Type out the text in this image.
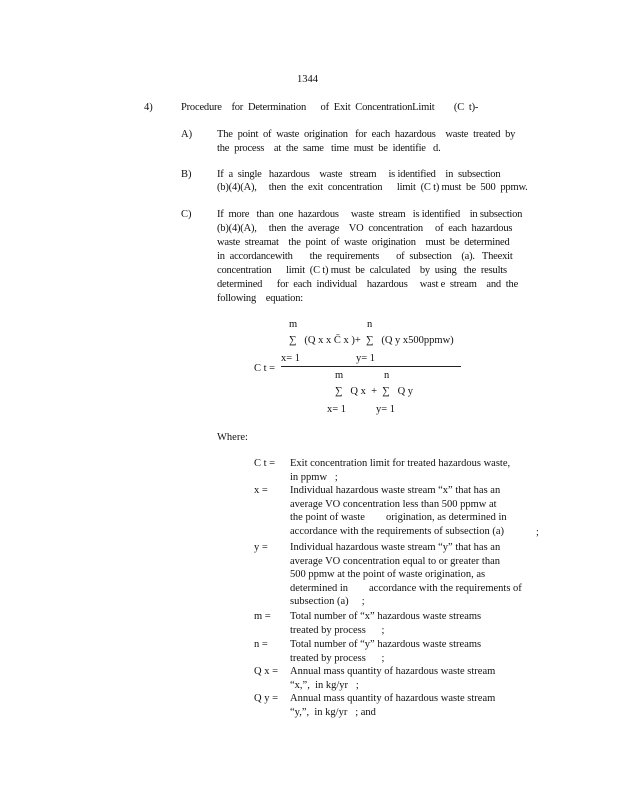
1344
4)	Procedure    for  Determination      of  Exit  ConcentrationLimit        (C  t)-
A) The  point  of  waste  origination   for  each  hazardous    waste  treated  by
the  process    at  the  same   time  must  be  identifie   d.
B) If  a  single   hazardous    waste   stream     is identified    in  subsection
(b)(4)(A),     then  the  exit  concentration      limit  (C t) must  be  500  ppmw.
C) If  more   than  one  hazardous     waste  stream   is identified    in subsection
(b)(4)(A),     then  the  average    VO  concentration     of  each  hazardous
waste  streamat    the  point  of  waste  origination    must  be  determined
in  accordancewith       the  requirements       of  subsection    (a).   Theexit
concentration      limit  (C t) must  be  calculated    by  using   the  results
determined      for  each  individual    hazardous     wast e  stream    and  the
following    equation:
m	n
∑   (Q x x C̄ x )+  ∑   (Q y x500ppmw)
C t =
x= 1	y= 1
m	n
∑   Q x  +  ∑   Q y
x= 1	y= 1
Where:
C t =	Exit concentration limit for treated hazardous waste,
in ppmw   ;
x =	Individual hazardous waste stream “x” that has an
average VO concentration less than 500 ppmw at
the point of waste        origination, as determined in
accordance with the requirements of subsection (a)	;
y =	Individual hazardous waste stream “y” that has an
average VO concentration equal to or greater than
500 ppmw at the point of waste origination, as
determined in        accordance with the requirements of
subsection (a)     ;
m =	Total number of “x” hazardous waste streams
treated by process      ;
n =	Total number of “y” hazardous waste streams
treated by process      ;
Q x =	Annual mass quantity of hazardous waste stream
“x,”,  in kg/yr   ;
Q y =	Annual mass quantity of hazardous waste stream
“y,”,  in kg/yr   ; and
